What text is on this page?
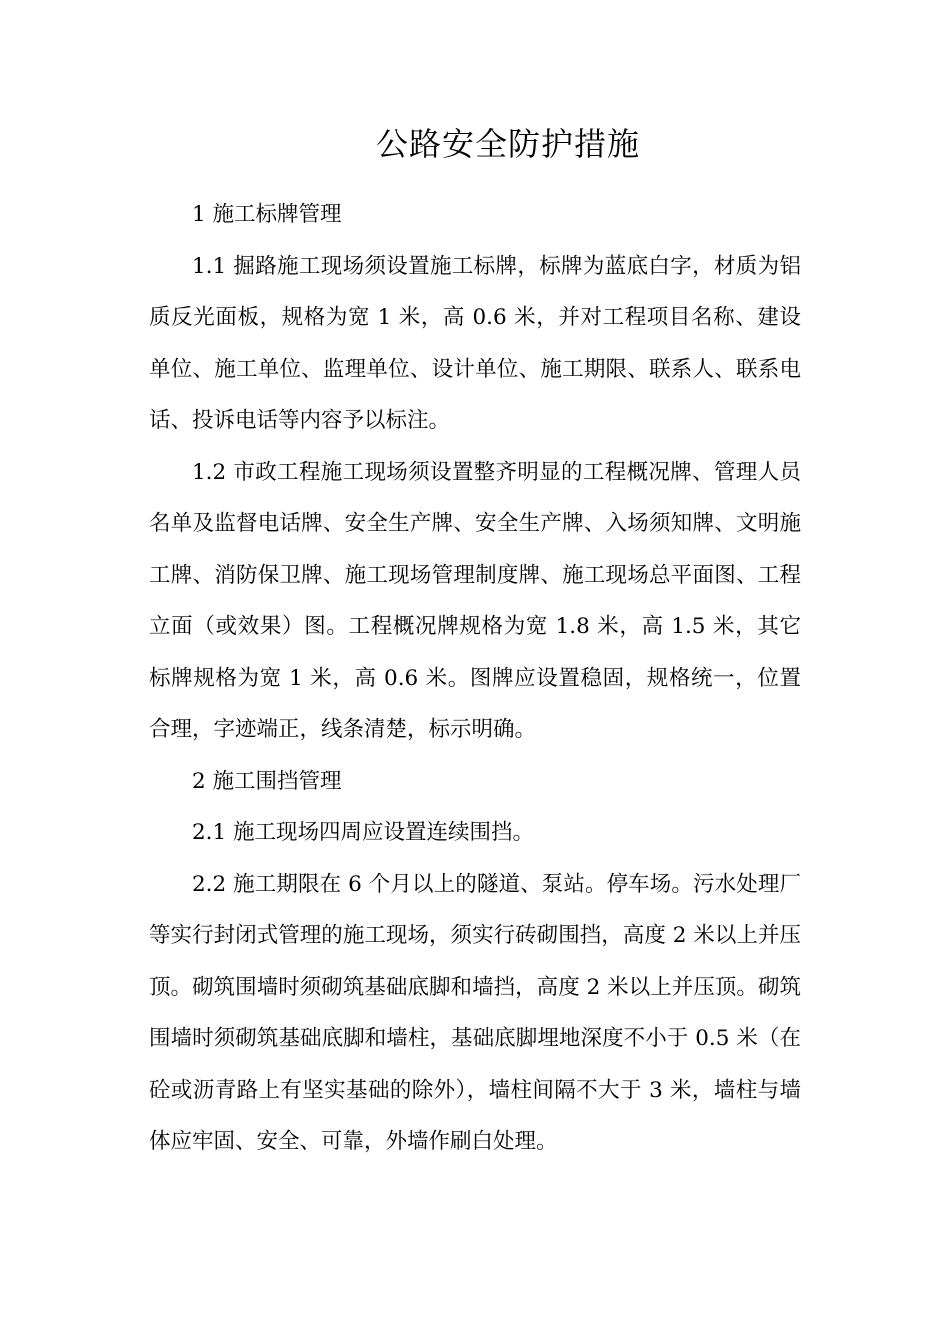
公路安全防护措施

1 施工标牌管理

1.1 掘路施工现场须设置施工标牌，标牌为蓝底白字，材质为铝质反光面板，规格为宽 1 米，高 0.6 米，并对工程项目名称、建设单位、施工单位、监理单位、设计单位、施工期限、联系人、联系电话、投诉电话等内容予以标注。

1.2 市政工程施工现场须设置整齐明显的工程概况牌、管理人员名单及监督电话牌、安全生产牌、安全生产牌、入场须知牌、文明施工牌、消防保卫牌、施工现场管理制度牌、施工现场总平面图、工程立面（或效果）图。工程概况牌规格为宽 1.8 米，高 1.5 米，其它标牌规格为宽 1 米，高 0.6 米。图牌应设置稳固，规格统一，位置合理，字迹端正，线条清楚，标示明确。

2 施工围挡管理

2.1 施工现场四周应设置连续围挡。

2.2 施工期限在 6 个月以上的隧道、泵站。停车场。污水处理厂等实行封闭式管理的施工现场，须实行砖砌围挡，高度 2 米以上并压顶。砌筑围墙时须砌筑基础底脚和墙挡，高度 2 米以上并压顶。砌筑围墙时须砌筑基础底脚和墙柱，基础底脚埋地深度不小于 0.5 米（在砼或沥青路上有坚实基础的除外），墙柱间隔不大于 3 米，墙柱与墙体应牢固、安全、可靠，外墙作刷白处理。
